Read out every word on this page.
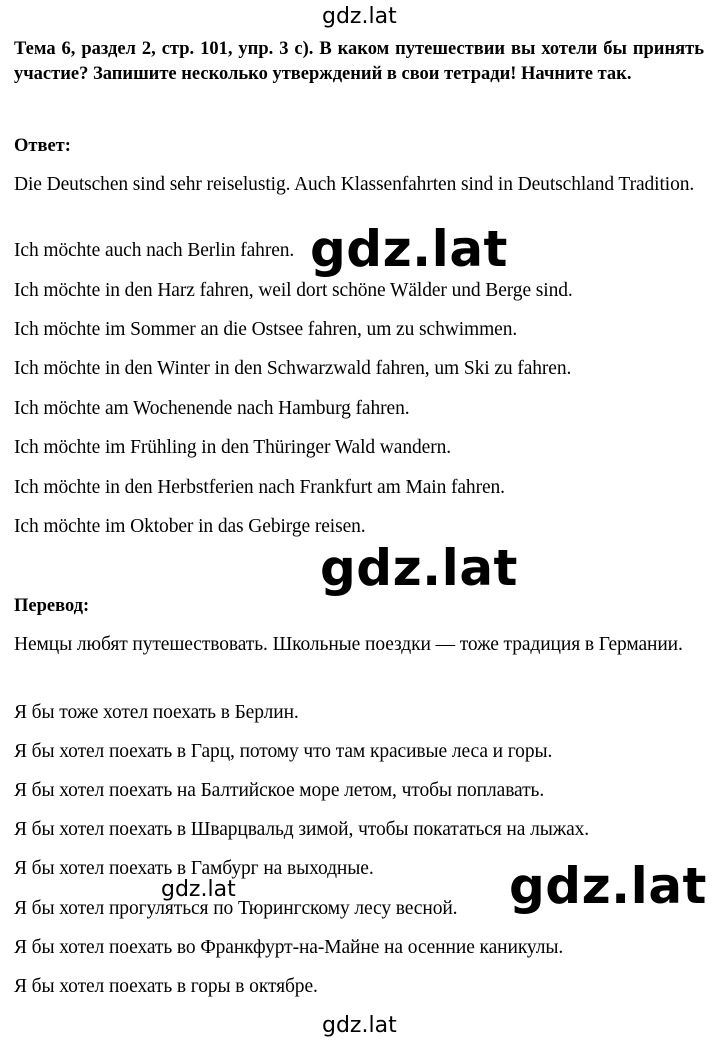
gdz.lat
Тема 6, раздел 2, стр. 101, упр. 3 c). В каком путешествии вы хотели бы принять участие? Запишите несколько утверждений в свои тетради! Начните так.
Ответ:
Die Deutschen sind sehr reiselustig. Auch Klassenfahrten sind in Deutschland Tradition.
Ich möchte auch nach Berlin fahren.
Ich möchte in den Harz fahren, weil dort schöne Wälder und Berge sind.
Ich möchte im Sommer an die Ostsee fahren, um zu schwimmen.
Ich möchte in den Winter in den Schwarzwald fahren, um Ski zu fahren.
Ich möchte am Wochenende nach Hamburg fahren.
Ich möchte im Frühling in den Thüringer Wald wandern.
Ich möchte in den Herbstferien nach Frankfurt am Main fahren.
Ich möchte im Oktober in das Gebirge reisen.
gdz.lat
gdz.lat
Перевод:
Немцы любят путешествовать. Школьные поездки — тоже традиция в Германии.
Я бы тоже хотел поехать в Берлин.
Я бы хотел поехать в Гарц, потому что там красивые леса и горы.
Я бы хотел поехать на Балтийское море летом, чтобы поплавать.
Я бы хотел поехать в Шварцвальд зимой, чтобы покататься на лыжах.
Я бы хотел поехать в Гамбург на выходные.
Я бы хотел прогуляться по Тюрингскому лесу весной.
Я бы хотел поехать во Франкфурт-на-Майне на осенние каникулы.
Я бы хотел поехать в горы в октябре.
gdz.lat	gdz.lat
gdz.lat
